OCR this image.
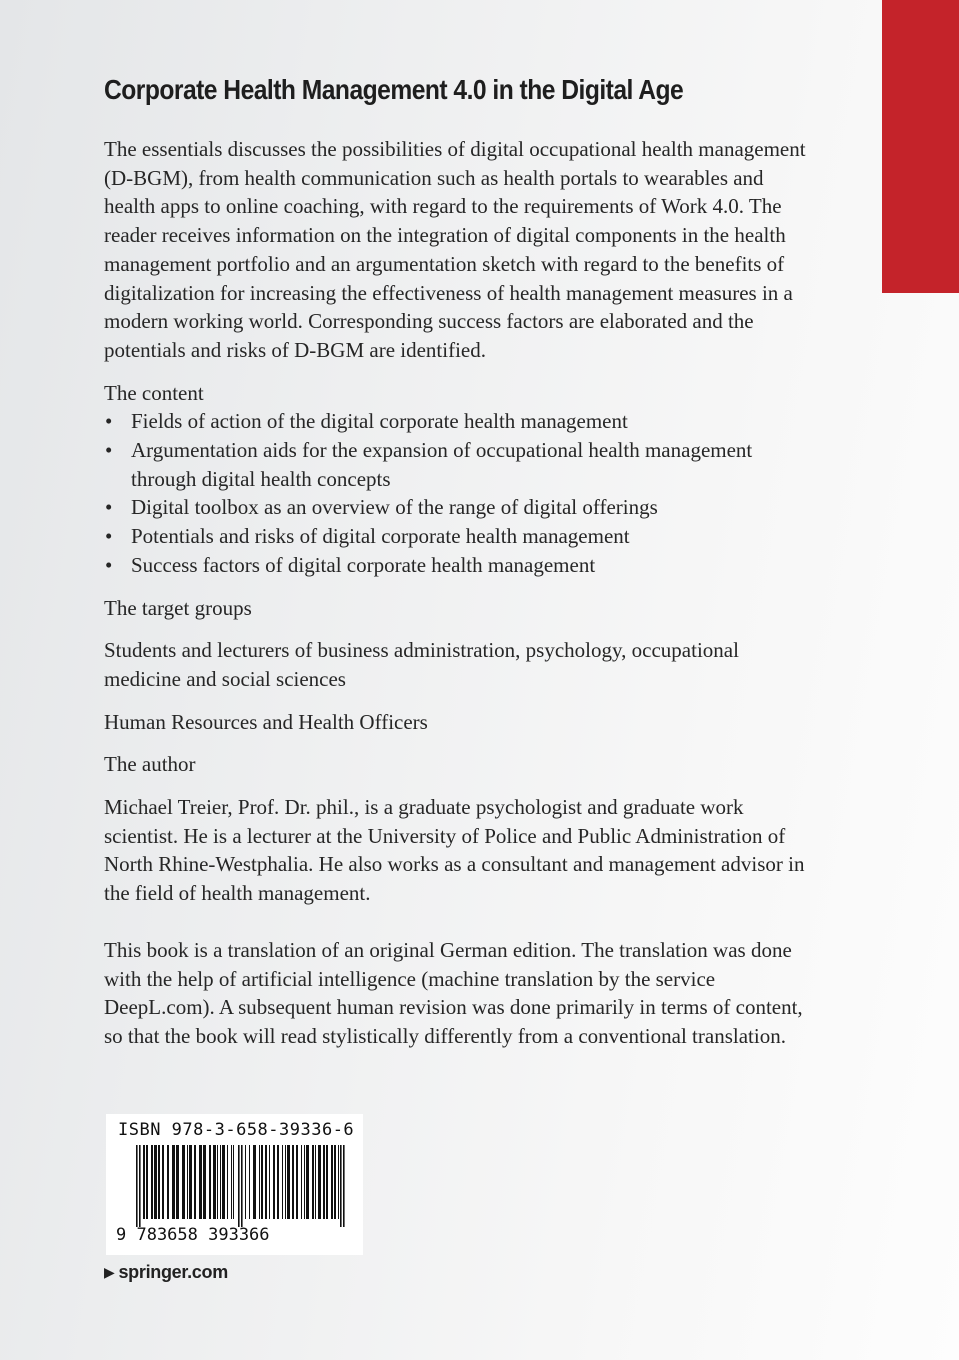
Corporate Health Management 4.0 in the Digital Age

The essentials discusses the possibilities of digital occupational health management (D-BGM), from health communication such as health portals to wearables and health apps to online coaching, with regard to the requirements of Work 4.0. The reader receives information on the integration of digital components in the health management portfolio and an argumentation sketch with regard to the benefits of digitalization for increasing the effectiveness of health management measures in a modern working world. Corresponding success factors are elaborated and the potentials and risks of D-BGM are identified.

The content

• Fields of action of the digital corporate health management
• Argumentation aids for the expansion of occupational health management through digital health concepts
• Digital toolbox as an overview of the range of digital offerings
• Potentials and risks of digital corporate health management
• Success factors of digital corporate health management

The target groups

Students and lecturers of business administration, psychology, occupational medicine and social sciences

Human Resources and Health Officers

The author

Michael Treier, Prof. Dr. phil., is a graduate psychologist and graduate work scientist. He is a lecturer at the University of Police and Public Administration of North Rhine-Westphalia. He also works as a consultant and management advisor in the field of health management.

This book is a translation of an original German edition. The translation was done with the help of artificial intelligence (machine translation by the service DeepL.com). A subsequent human revision was done primarily in terms of content, so that the book will read stylistically differently from a conventional translation.

ISBN 978-3-658-39336-6
9 783658 393366
▶ springer.com
